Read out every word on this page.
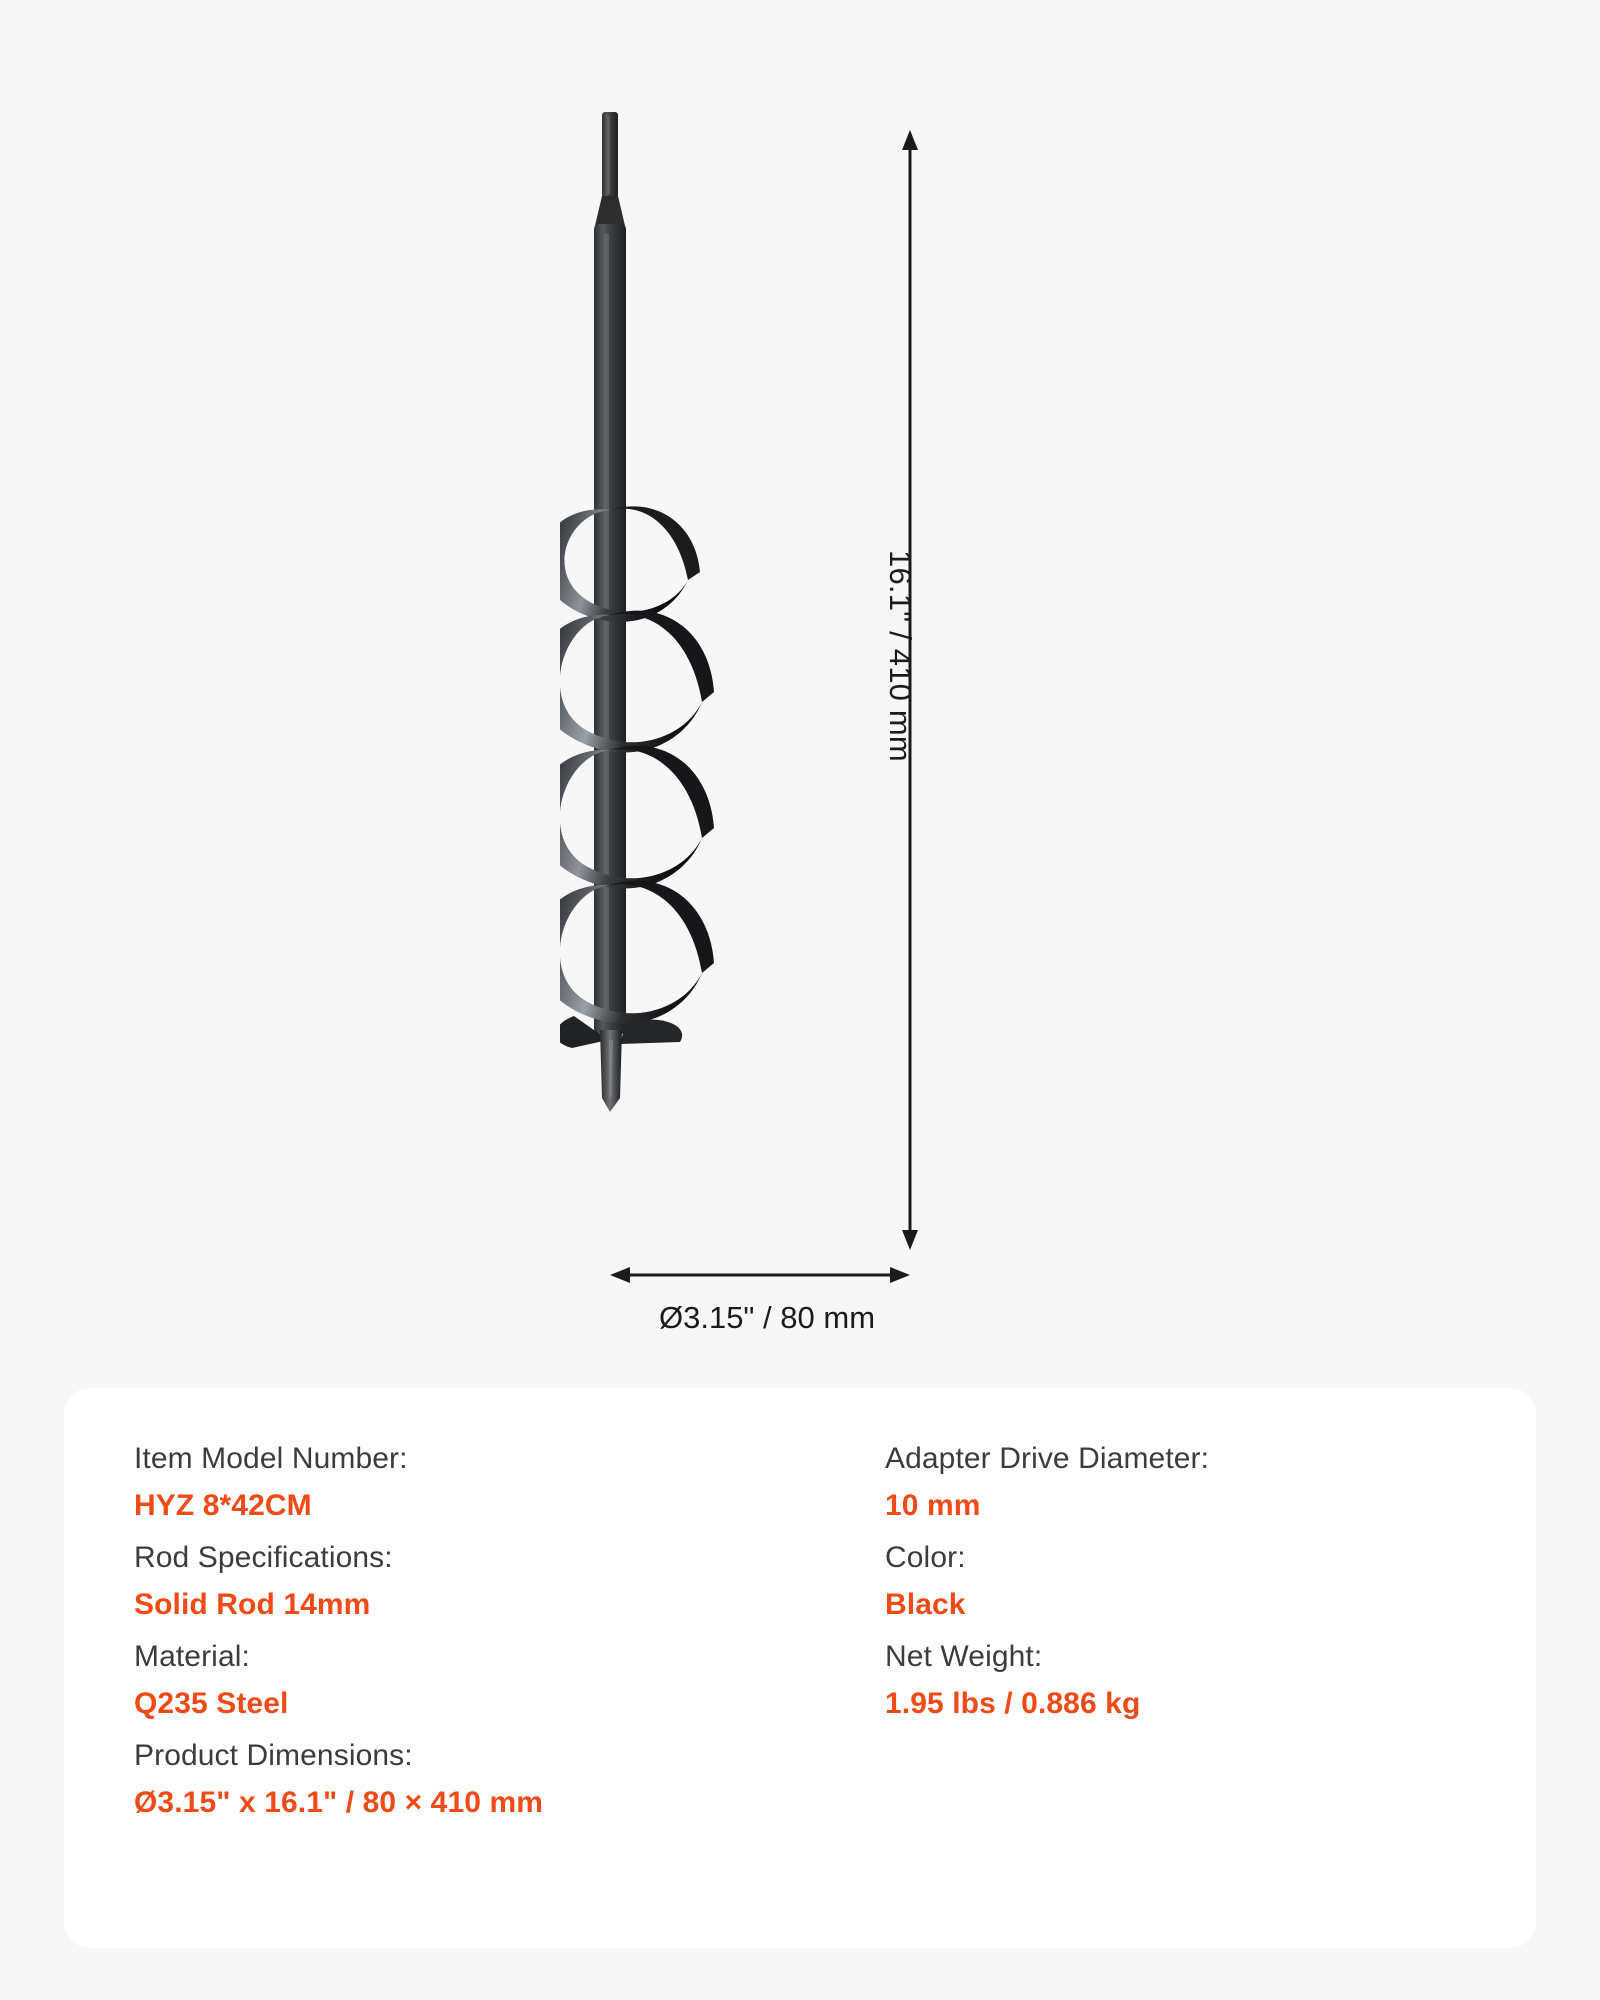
16.1" / 410 mm
Ø3.15" / 80 mm
Item Model Number:
HYZ 8*42CM
Rod Specifications:
Solid Rod 14mm
Material:
Q235 Steel
Product Dimensions:
Ø3.15" x 16.1" / 80 × 410 mm
Adapter Drive Diameter:
10 mm
Color:
Black
Net Weight:
1.95 lbs / 0.886 kg
